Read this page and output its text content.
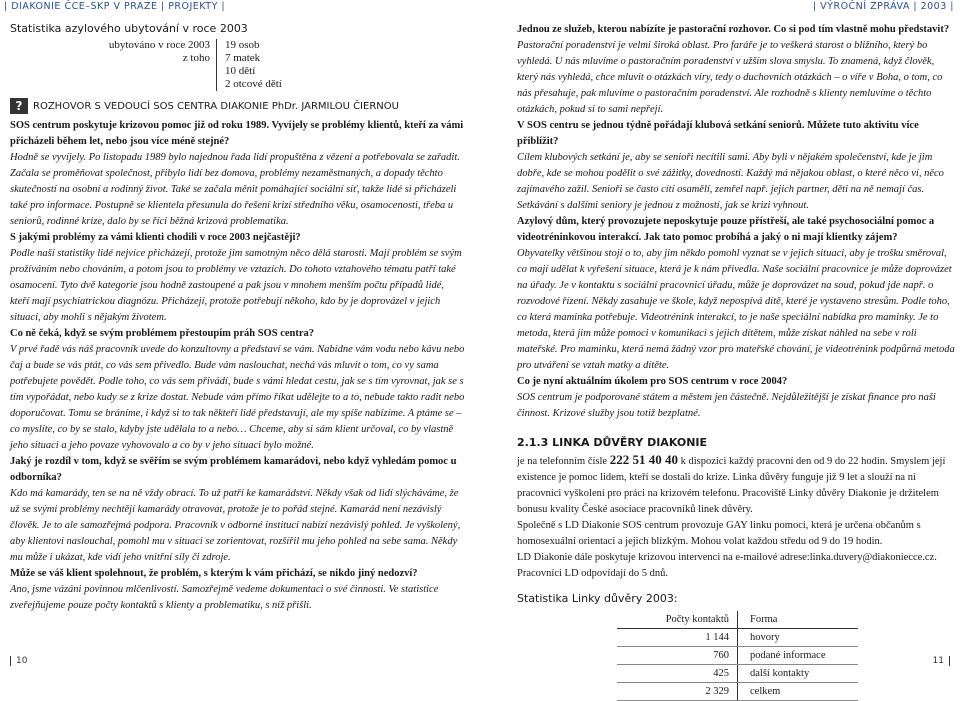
| DIAKONIE ČCE–SKP V PRAZE | PROJEKTY |	| VÝROČNÍ ZPRÁVA | 2003 |
Statistika azylového ubytování v roce 2003
ubytováno v roce 2003	19 osob
z toho	7 matek
	10 dětí
	2 otcové dětí
?	ROZHOVOR S VEDOUCÍ SOS CENTRA DIAKONIE PhDr. JARMILOU ČIERNOU

SOS centrum poskytuje krizovou pomoc již od roku 1989. Vyvíjely se problémy klientů, kteří za vámi přicházeli během let, nebo jsou více méně stejné?

Hodně se vyvíjely. Po listopadu 1989 bylo najednou řada lidí propuštěna z vězení a potřebovala se zařadit. Začala se proměňovat společnost, přibylo lidí bez domova, problémy nezaměstnaných, a dopady těchto skutečností na osobní a rodinný život. Také se začala měnit pomáhající sociální síť, takže lidé si přicházeli také pro informace. Postupně se klientela přesunula do řešení krizí středního věku, osamocenosti, třeba u seniorů, rodinné krize, dalo by se říci běžná krizová problematika.

S jakými problémy za vámi klienti chodili v roce 2003 nejčastěji?

Podle naší statistiky lidé nejvíce přicházejí, protože jim samotným něco dělá starosti. Mají problém se svým prožíváním nebo chováním, a potom jsou to problémy ve vztazích. Do tohoto vztahového tématu patří také osamocení. Tyto dvě kategorie jsou hodně zastoupené a pak jsou v mnohem menším počtu případů lidé, kteří mají psychiatrickou diagnózu. Přicházejí, protože potřebují někoho, kdo by je doprovázel v jejich situaci, aby mohli s nějakým životem.

Co ně čeká, když se svým problémem přestoupím práh SOS centra?

V prvé řadě vás náš pracovník uvede do konzultovny a představí se vám. Nabídne vám vodu nebo kávu nebo čaj a bude se vás ptát, co vás sem přivedlo. Bude vám naslouchat, nechá vás mluvit o tom, co vy sama potřebujete povědět. Podle toho, co vás sem přivádí, bude s vámi hledat cestu, jak se s tím vyrovnat, jak se s tím vypořádat, nebo kudy se z krize dostat. Nebude vám přímo říkat udělejte to a to, nebude takto radit nebo doporučovat. Tomu se bráníme, i když si to tak někteří lidé představují, ale my spíše nabízíme. A ptáme se – co myslíte, co by se stalo, kdyby jste udělala to a nebo… Chceme, aby si sám klient určoval, co by vlastně jeho situaci a jeho povaze vyhovovalo a co by v jeho situaci bylo možné.

Jaký je rozdíl v tom, když se svěřím se svým problémem kamarádovi, nebo když vyhledám pomoc u odborníka?

Kdo má kamarády, ten se na ně vždy obrací. To už patří ke kamarádství. Někdy však od lidí slýcháváme, že už se svými problémy nechtějí kamarády otravovat, protože je to pořád stejné. Kamarád není nezávislý člověk. Je to ale samozřejmá podpora. Pracovník v odborné instituci nabízí nezávislý pohled. Je vyškolený, aby klientovi naslouchal, pomohl mu v situaci se zorientovat, rozšířil mu jeho pohled na sebe sama. Někdy mu může i ukázat, kde vidí jeho vnitřní síly či zdroje.

Může se váš klient spolehnout, že problém, s kterým k vám přichází, se nikdo jiný nedozví?

Ano, jsme vázáni povinnou mlčenlivostí. Samozřejmě vedeme dokumentaci o své činnosti. Ve statistice zveřejňujeme pouze počty kontaktů s klienty a problematiku, s níž přišli.

Jednou ze služeb, kterou nabízíte je pastorační rozhovor. Co si pod tím vlastně mohu představit?

Pastorační poradenství je velmi široká oblast. Pro faráře je to veškerá starost o bližního, který bo vyhledá. U nás mluvíme o pastoračním poradenství v užším slova smyslu. To znamená, když člověk, který nás vyhledá, chce mluvit o otázkách víry, tedy o duchovních otázkách – o víře v Boha, o tom, co nás přesahuje, pak mluvíme o pastoračním poradenství. Ale rozhodně s klienty nemluvíme o těchto otázkách, pokud si to sami nepřejí.

V SOS centru se jednou týdně pořádají klubová setkání seniorů. Můžete tuto aktivitu více přiblížit?

Cílem klubových setkání je, aby se senioři necítili sami. Aby byli v nějakém společenství, kde je jim dobře, kde se mohou podělit o své zážitky, dovednosti. Každý má nějakou oblast, o které něco ví, něco zajímavého zažil. Senioři se často cítí osamělí, zemřel např. jejich partner, děti na ně nemají čas. Setkávání s dalšími seniory je jednou z možností, jak se krizi vyhnout.

Azylový dům, který provozujete neposkytuje pouze přístřeší, ale také psychosociální pomoc a videotréninkovou interakcí. Jak tato pomoc probíhá a jaký o ni mají klientky zájem?

Obyvatelky většinou stojí o to, aby jim někdo pomohl vyznat se v jejich situaci, aby je trošku směroval, co mají udělat k vyřešení situace, která je k nám přivedla. Naše sociální pracovnice je může doprovázet na úřady. Je v kontaktu s sociální pracovnicí úřadu, může je doprovázet na soud, pokud jde např. o rozvodové řízení. Někdy zasahuje ve škole, když nepospívá dítě, které je vystaveno stresům. Podle toho, co která maminka potřebuje. Videotrénink interakcí, to je naše speciální nabídka pro maminky. Je to metoda, která jim může pomoci v komunikaci s jejich dítětem, může získat náhled na sebe v roli mateřské. Pro maminku, která nemá žádný vzor pro mateřské chování, je videotrénink podpůrná metoda pro utváření se vztah matky a dítěte.

Co je nyní aktuálním úkolem pro SOS centrum v roce 2004?

SOS centrum je podporované státem a městem jen částečně. Nejdůležitější je získat finance pro naši činnost. Krizové služby jsou totiž bezplatné.

2.1.3 LINKA DŮVĚRY DIAKONIE

je na telefonním čísle 222 51 40 40 k dispozici každý pracovní den od 9 do 22 hodin. Smyslem její existence je pomoc lidem, kteří se dostali do krize. Linka důvěry funguje již 9 let a slouží na ní pracovníci vyškolení pro práci na krizovém telefonu. Pracoviště Linky důvěry Diakonie je držitelem bonusu kvality České asociace pracovníků linek důvěry.

Společně s LD Diakonie SOS centrum provozuje GAY linku pomoci, která je určena občanům s homosexuální orientací a jejich blízkým. Mohou volat každou středu od 9 do 19 hodin.

LD Diakonie dále poskytuje krizovou intervenci na e-mailové adrese:linka.duvery@diakoniecce.cz. Pracovníci LD odpovídají do 5 dnů.

Statistika Linky důvěry 2003:
Počty kontaktů	Forma
1 144	hovory
760	podané informace
425	další kontakty
2 329	celkem
10	11
